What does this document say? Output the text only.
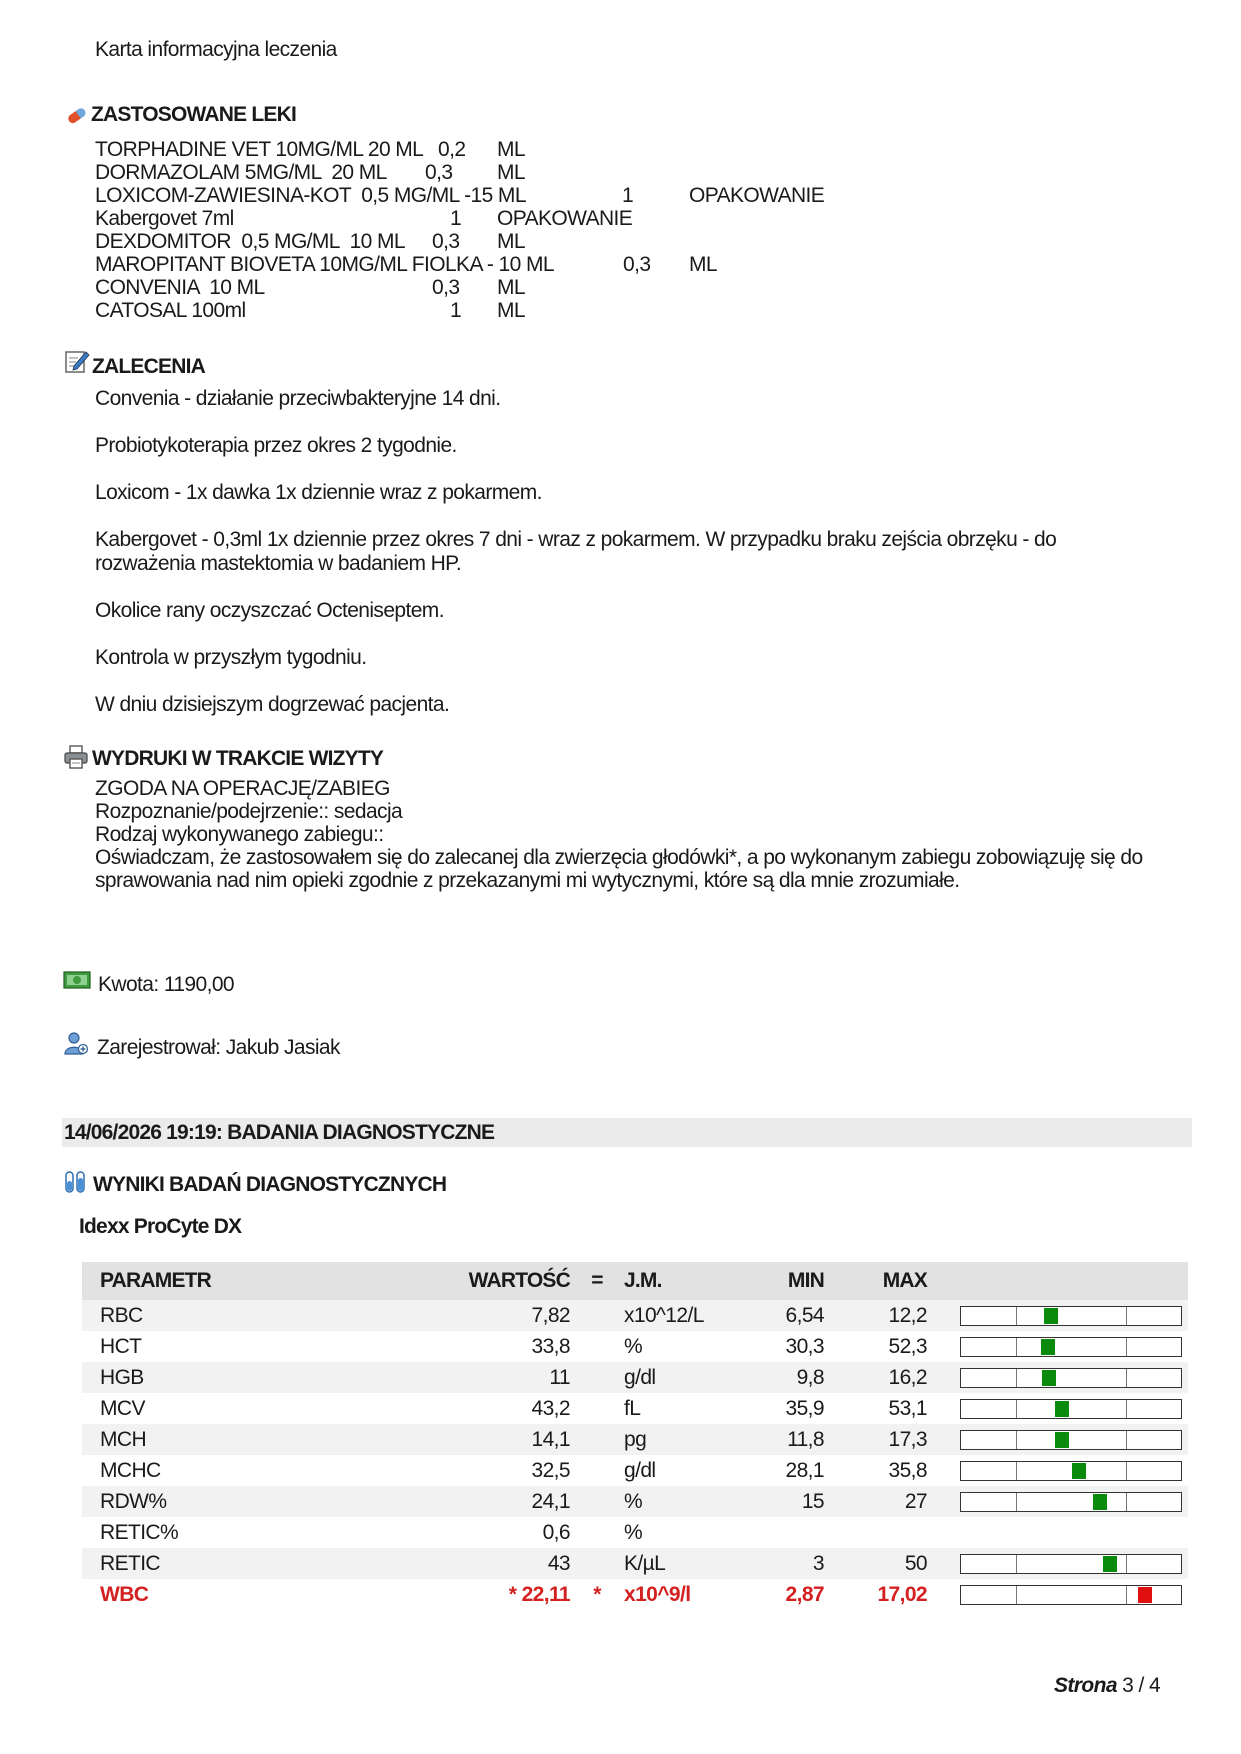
Karta informacyjna leczenia
ZASTOSOWANE LEKI
TORPHADINE VET 10MG/ML 20 ML 0,2 ML
DORMAZOLAM 5MG/ML  20 ML 0,3 ML
LOXICOM-ZAWIESINA-KOT  0,5 MG/ML -15 ML	1	OPAKOWANIE
Kabergovet 7ml	1 OPAKOWANIE
DEXDOMITOR  0,5 MG/ML  10 ML 0,3 ML
MAROPITANT BIOVETA 10MG/ML FIOLKA - 10 ML	0,3 ML
CONVENIA  10 ML	0,3 ML
CATOSAL 100ml	1 ML
ZALECENIA
Convenia - działanie przeciwbakteryjne 14 dni.
Probiotykoterapia przez okres 2 tygodnie.
Loxicom - 1x dawka 1x dziennie wraz z pokarmem.
Kabergovet - 0,3ml 1x dziennie przez okres 7 dni - wraz z pokarmem. W przypadku braku zejścia obrzęku - do rozważenia mastektomia w badaniem HP.
Okolice rany oczyszczać Octeniseptem.
Kontrola w przyszłym tygodniu.
W dniu dzisiejszym dogrzewać pacjenta.
WYDRUKI W TRAKCIE WIZYTY
ZGODA NA OPERACJĘ/ZABIEG
Rozpoznanie/podejrzenie:: sedacja
Rodzaj wykonywanego zabiegu::
Oświadczam, że zastosowałem się do zalecanej dla zwierzęcia głodówki*, a po wykonanym zabiegu zobowiązuję się do sprawowania nad nim opieki zgodnie z przekazanymi mi wytycznymi, które są dla mnie zrozumiałe.
Kwota: 1190,00
Zarejestrował: Jakub Jasiak
14/06/2026 19:19: BADANIA DIAGNOSTYCZNE
WYNIKI BADAŃ DIAGNOSTYCZNYCH
Idexx ProCyte DX
PARAMETR	WARTOŚĆ	=	J.M.	MIN	MAX	
RBC	7,82		x10^12/L	6,54	12,2	

HCT	33,8		%	30,3	52,3	

HGB	11		g/dl	9,8	16,2	

MCV	43,2		fL	35,9	53,1	

MCH	14,1		pg	11,8	17,3	

MCHC	32,5		g/dl	28,1	35,8	

RDW%	24,1		%	15	27	

RETIC%	0,6		%			
RETIC	43		K/µL	3	50	

WBC	* 22,11	*	x10^9/l	2,87	17,02	
Strona 3 / 4
